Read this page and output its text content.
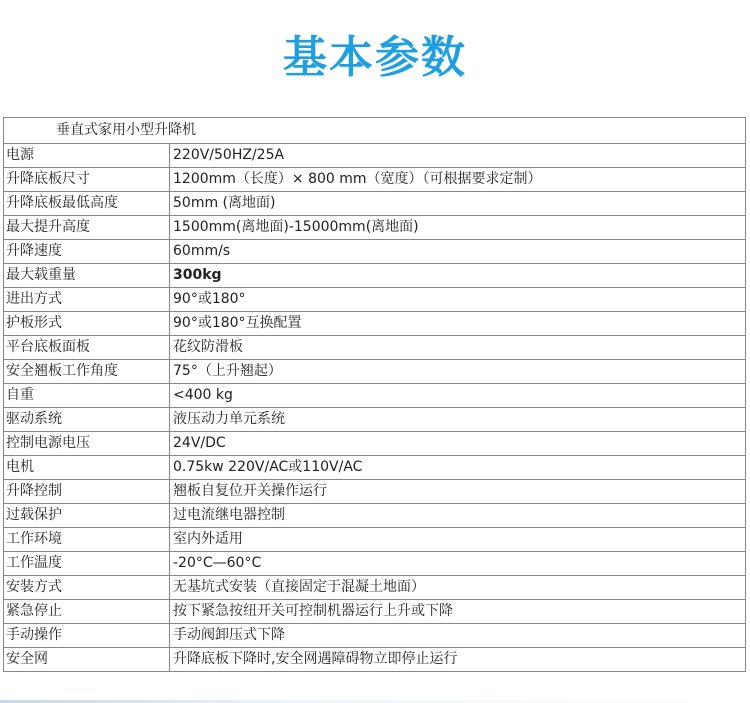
基本参数
垂直式家用小型升降机	
电源	220V/50HZ/25A
升降底板尺寸	1200mm（长度）× 800 mm（宽度）（可根据要求定制）
升降底板最低高度	50mm (离地面)
最大提升高度	1500mm(离地面)-15000mm(离地面)
升降速度	60mm/s
最大载重量	300kg
进出方式	90°或180°
护板形式	90°或180°互换配置
平台底板面板	花纹防滑板
安全翘板工作角度	75°（上升翘起）
自重	<400 kg
驱动系统	液压动力单元系统
控制电源电压	24V/DC
电机	0.75kw 220V/AC或110V/AC
升降控制	翘板自复位开关操作运行
过载保护	过电流继电器控制
工作环境	室内外适用
工作温度	-20°C—60°C
安装方式	无基坑式安装（直接固定于混凝土地面）
紧急停止	按下紧急按纽开关可控制机器运行上升或下降
手动操作	手动阀卸压式下降
安全网	升降底板下降时,安全网遇障碍物立即停止运行
